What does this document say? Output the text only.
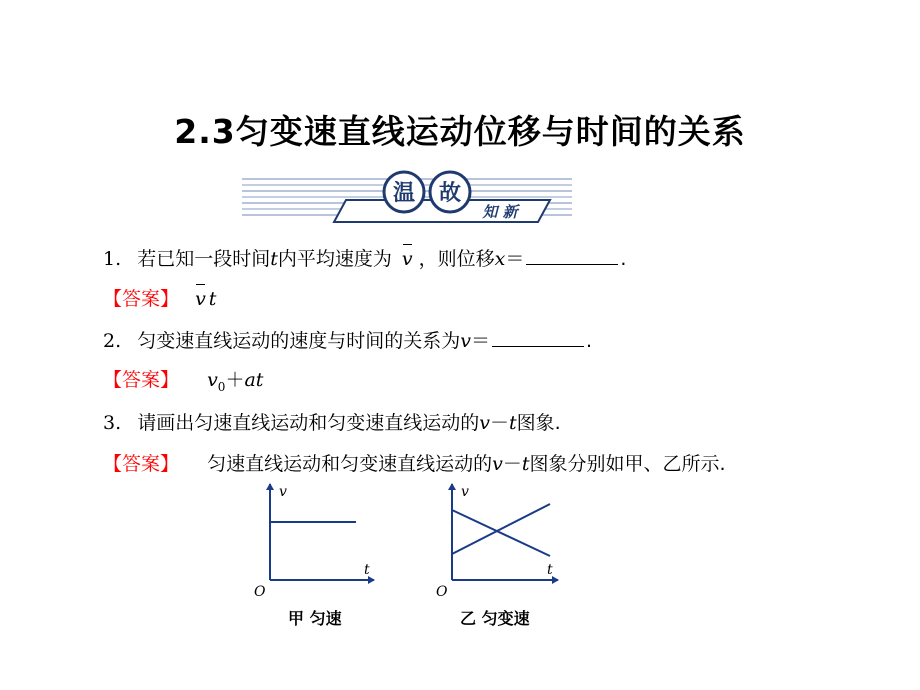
2.3匀变速直线运动位移与时间的关系
温 故
知 新
1. 若已知一段时间t内平均速度为 v ，则位移x＝	.
【答案】 v t
2. 匀变速直线运动的速度与时间的关系为v＝	.
【答案】 $v_0+at$
3. 请画出匀速直线运动和匀变速直线运动的v－t图象.
【答案】 匀速直线运动和匀变速直线运动的v－t图象分别如甲、乙所示.
v
t
O
甲 匀速
v
t
O
乙 匀变速
